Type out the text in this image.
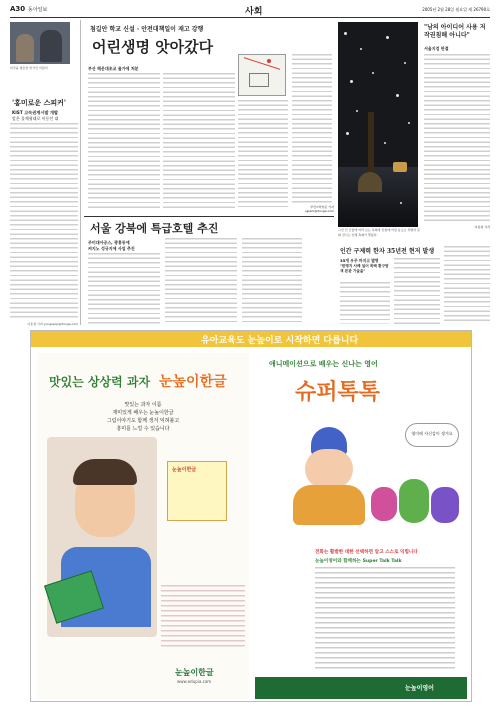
A30 동아일보	사회	2005년 2월 28일 월요일 제 26790호
미국을 방문한 한국인 어린이
'홍미로운 스피커'
KIST 고속권계시발 개발
앞은 물체형태로 이동인 대
이용섭 기자 yongseop@donga.com
첨길안 학교 신설 · 안전대책일이 재고 강행
어린생명 앗아갔다
부산 해운대초교 물가에 처분
부산=박상준 기자 sjpark@donga.com
서울 강북에 특급호텔 추진
주미대아공스, 광흥동에
켜지노 성규지에 사업 추진
그림 인 간물에 바라 보는 목회에 신첩에 어린 동포요 특별히 문화 전시도 인해 축제가 열렸다.
"남의 아이디어 사용 저작권침해 아니다"
서울지검 판결
이용섭 기자
인간 구제력 한자 35년전 현저 발생
35개 우주 마지고 발명
"한명지 사례 일어 목백 환구탐색 본관 기술을"
유아교육도 눈높이로 시작하면 다릅니다
맛있는 상상력 과자 눈높이한글
맛있는 과자 이름
재미있게 배우는 눈높이한글
그림이야기도 함께 생겨 익혀볼고
흥미를 느낄 수 있습니다
눈높이한글
눈높이한글
www.edupia.com
애니메이션으로 배우는 신나는 영어
슈퍼톡톡
영어에 자신감이 생겨요
전화는 활발한 대한 선택하면 알고 스스로 익힘니다
눈높이영어와 함께하는 Super Talk Talk
눈높이영어
